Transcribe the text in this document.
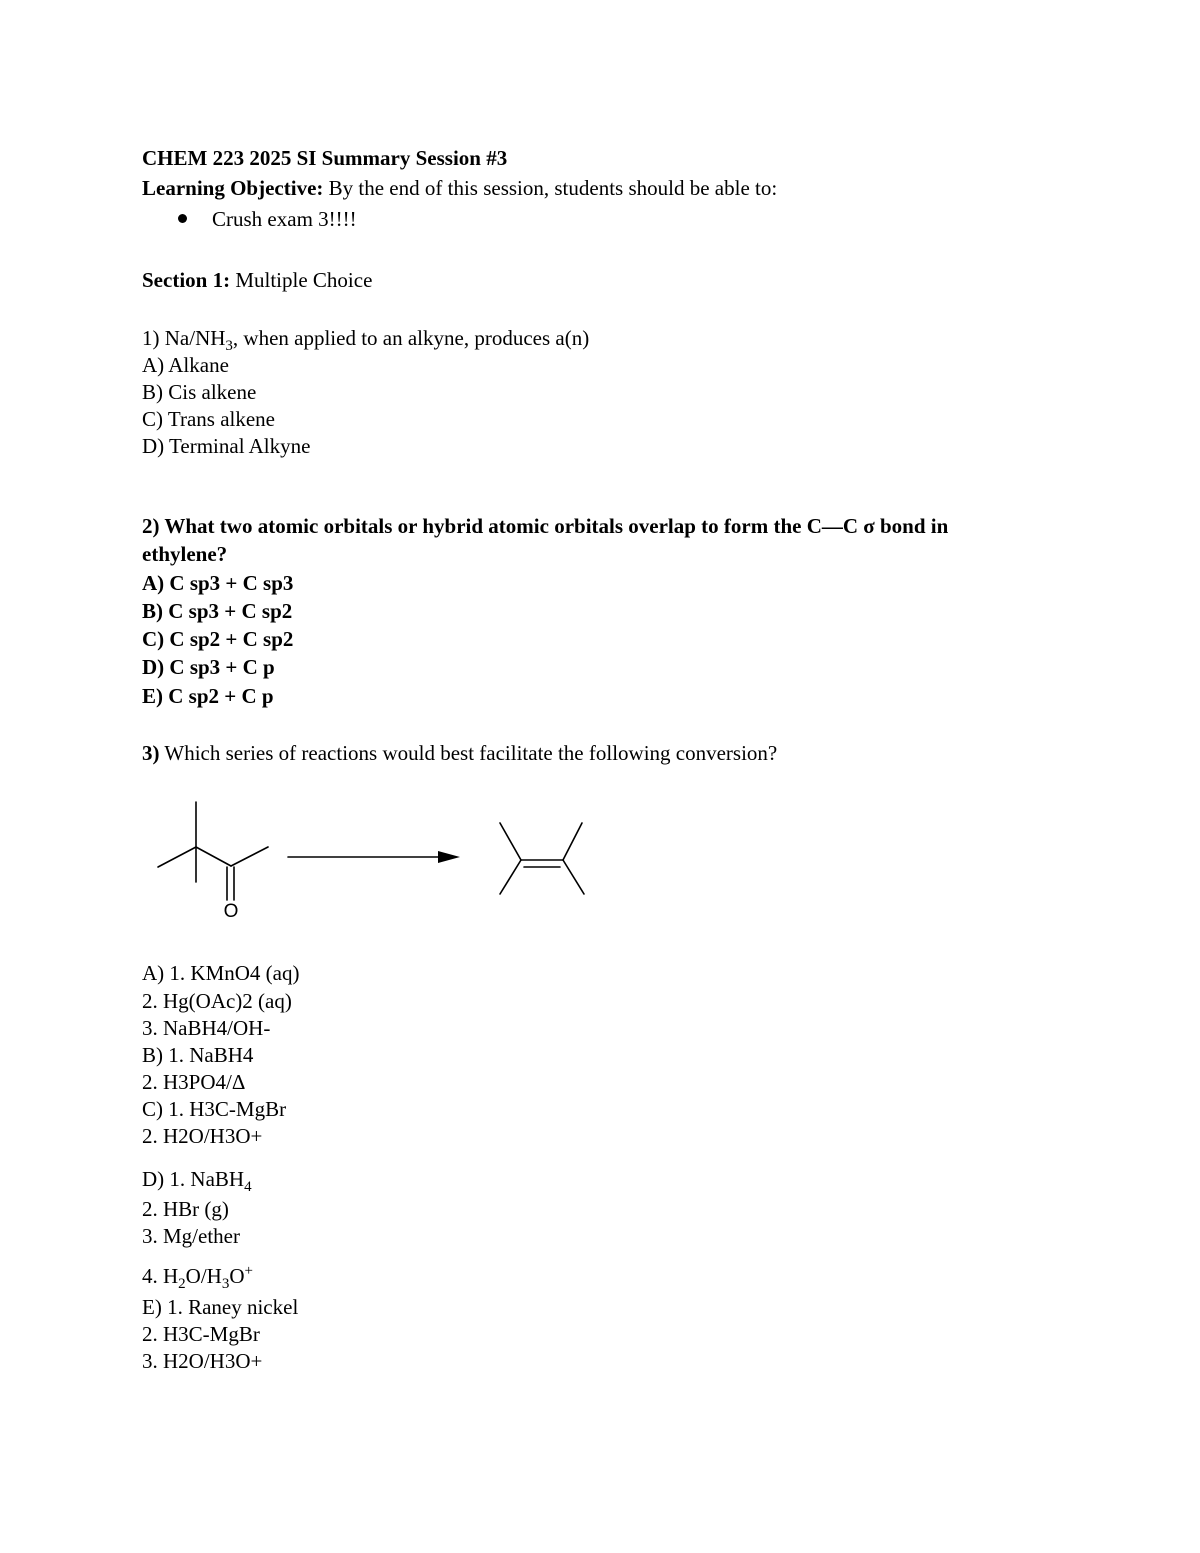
CHEM 223 2025 SI Summary Session #3
Learning Objective: By the end of this session, students should be able to:
Crush exam 3!!!!
Section 1: Multiple Choice
1) $Na/NH_3$, when applied to an alkyne, produces a(n)
A) Alkane
B) Cis alkene
C) Trans alkene
D) Terminal Alkyne
2) What two atomic orbitals or hybrid atomic orbitals overlap to form the C—C σ bond in
ethylene?
A) C sp3 + C sp3
B) C sp3 + C sp2
C) C sp2 + C sp2
D) C sp3 + C p
E) C sp2 + C p
3) Which series of reactions would best facilitate the following conversion?
O
A) 1. KMnO4 (aq)
2. Hg(OAc)2 (aq)
3. NaBH4/OH-
B) 1. NaBH4
2. H3PO4/Δ
C) 1. H3C-MgBr
2. H2O/H3O+
D) 1. NaBH$_4$
2. HBr (g)
3. Mg/ether
4. $H_2O/H_3O^+$
E) 1. Raney nickel
2. H3C-MgBr
3. H2O/H3O+
